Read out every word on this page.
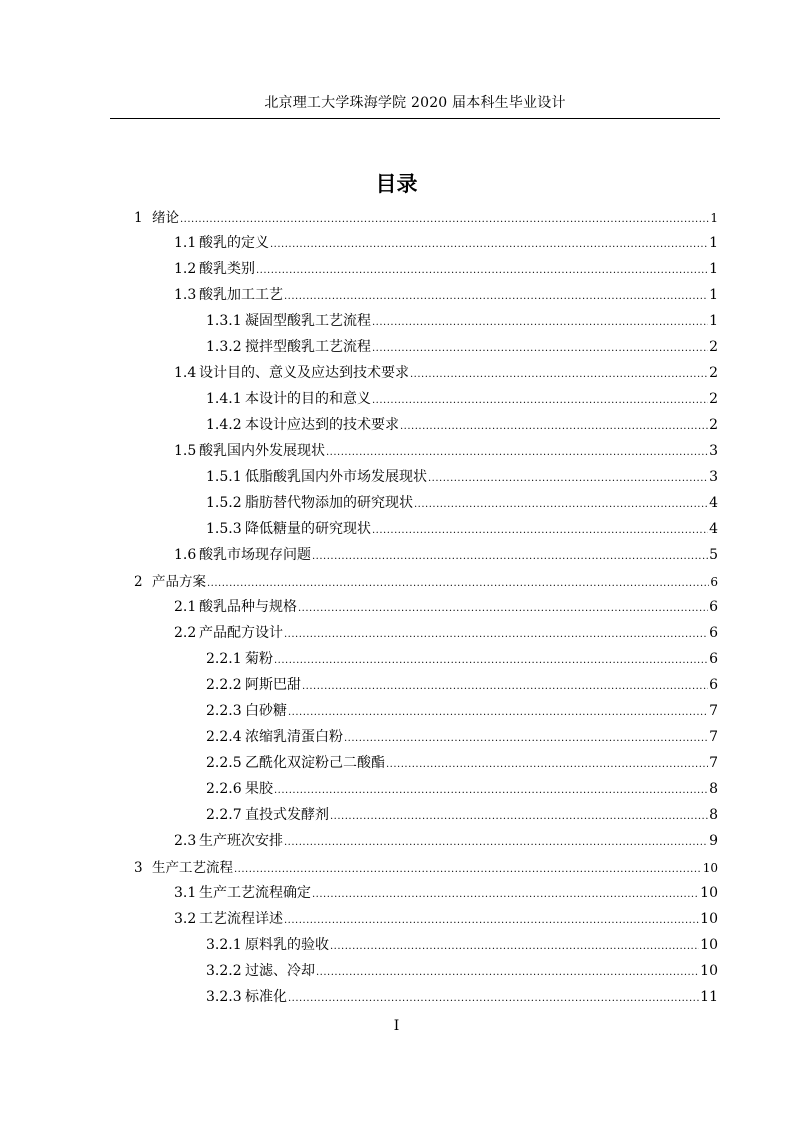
北京理工大学珠海学院 2020 届本科生毕业设计
目录
1 绪论 .....	1
1.1 酸乳的定义 .....	1
1.2 酸乳类别 .....	1
1.3 酸乳加工工艺 .....	1
1.3.1 凝固型酸乳工艺流程 .....	1
1.3.2 搅拌型酸乳工艺流程 .....	2
1.4 设计目的、意义及应达到技术要求 .....	2
1.4.1 本设计的目的和意义 .....	2
1.4.2 本设计应达到的技术要求 .....	2
1.5 酸乳国内外发展现状 .....	3
1.5.1 低脂酸乳国内外市场发展现状 .....	3
1.5.2 脂肪替代物添加的研究现状 .....	4
1.5.3 降低糖量的研究现状 .....	4
1.6 酸乳市场现存问题 .....	5
2 产品方案 .....	6
2.1 酸乳品种与规格 .....	6
2.2 产品配方设计 .....	6
2.2.1 菊粉 .....	6
2.2.2 阿斯巴甜 .....	6
2.2.3 白砂糖 .....	7
2.2.4 浓缩乳清蛋白粉 .....	7
2.2.5 乙酰化双淀粉己二酸酯 .....	7
2.2.6 果胶 .....	8
2.2.7 直投式发酵剂 .....	8
2.3 生产班次安排 .....	9
3 生产工艺流程 .....	10
3.1 生产工艺流程确定 .....	10
3.2 工艺流程详述 .....	10
3.2.1 原料乳的验收 .....	10
3.2.2 过滤、冷却 .....	10
3.2.3 标准化 .....	11
I
